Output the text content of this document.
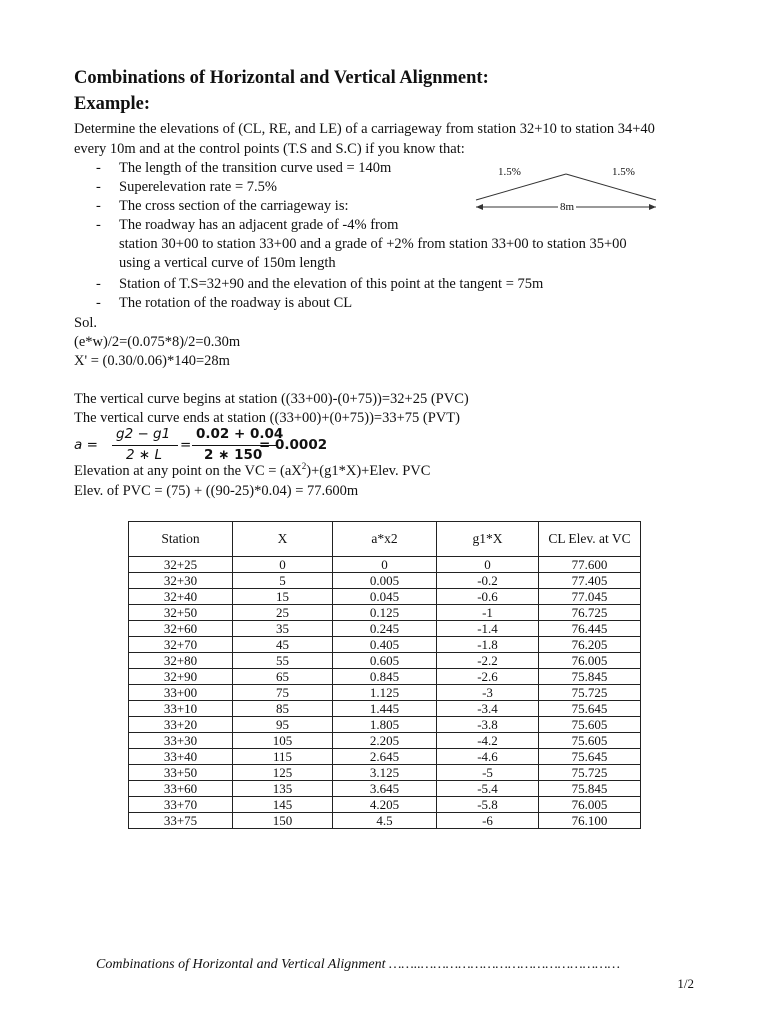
Combinations of Horizontal and Vertical Alignment:
Example:
Determine the elevations of (CL, RE, and LE) of a carriageway from station 32+10 to station 34+40
every 10m and at the control points (T.S and S.C) if you know that:
- The length of the transition curve used = 140m
- Superelevation rate = 7.5%
- The cross section of the carriageway is:
- The roadway has an adjacent grade of -4% from
station 30+00 to station 33+00 and a grade of +2% from station 33+00 to station 35+00
using a vertical curve of 150m length
- Station of T.S=32+90 and the elevation of this point at the tangent = 75m
- The rotation of the roadway is about CL
1.5%	1.5%
8m
Sol.
(e*w)/2=(0.075*8)/2=0.30m
X' = (0.30/0.06)*140=28m
The vertical curve begins at station ((33+00)-(0+75))=32+25 (PVC)
The vertical curve ends at station ((33+00)+(0+75))=33+75 (PVT)
a =
g2 − g1
2 ∗ L
=
0.02 + 0.04
2 ∗ 150
= 0.0002
Elevation at any point on the VC = $(aX^2)+(g1*X)+Elev$. PVC
Elev. of PVC = (75) + ((90-25)*0.04) = 77.600m
Station	X	a*x2	g1*X	CL Elev. at VC
32+25	0	0	0	77.600
32+30	5	0.005	-0.2	77.405
32+40	15	0.045	-0.6	77.045
32+50	25	0.125	-1	76.725
32+60	35	0.245	-1.4	76.445
32+70	45	0.405	-1.8	76.205
32+80	55	0.605	-2.2	76.005
32+90	65	0.845	-2.6	75.845
33+00	75	1.125	-3	75.725
33+10	85	1.445	-3.4	75.645
33+20	95	1.805	-3.8	75.605
33+30	105	2.205	-4.2	75.605
33+40	115	2.645	-4.6	75.645
33+50	125	3.125	-5	75.725
33+60	135	3.645	-5.4	75.845
33+70	145	4.205	-5.8	76.005
33+75	150	4.5	-6	76.100
Combinations of Horizontal and Vertical Alignment ……..…………………………………………
1/2
